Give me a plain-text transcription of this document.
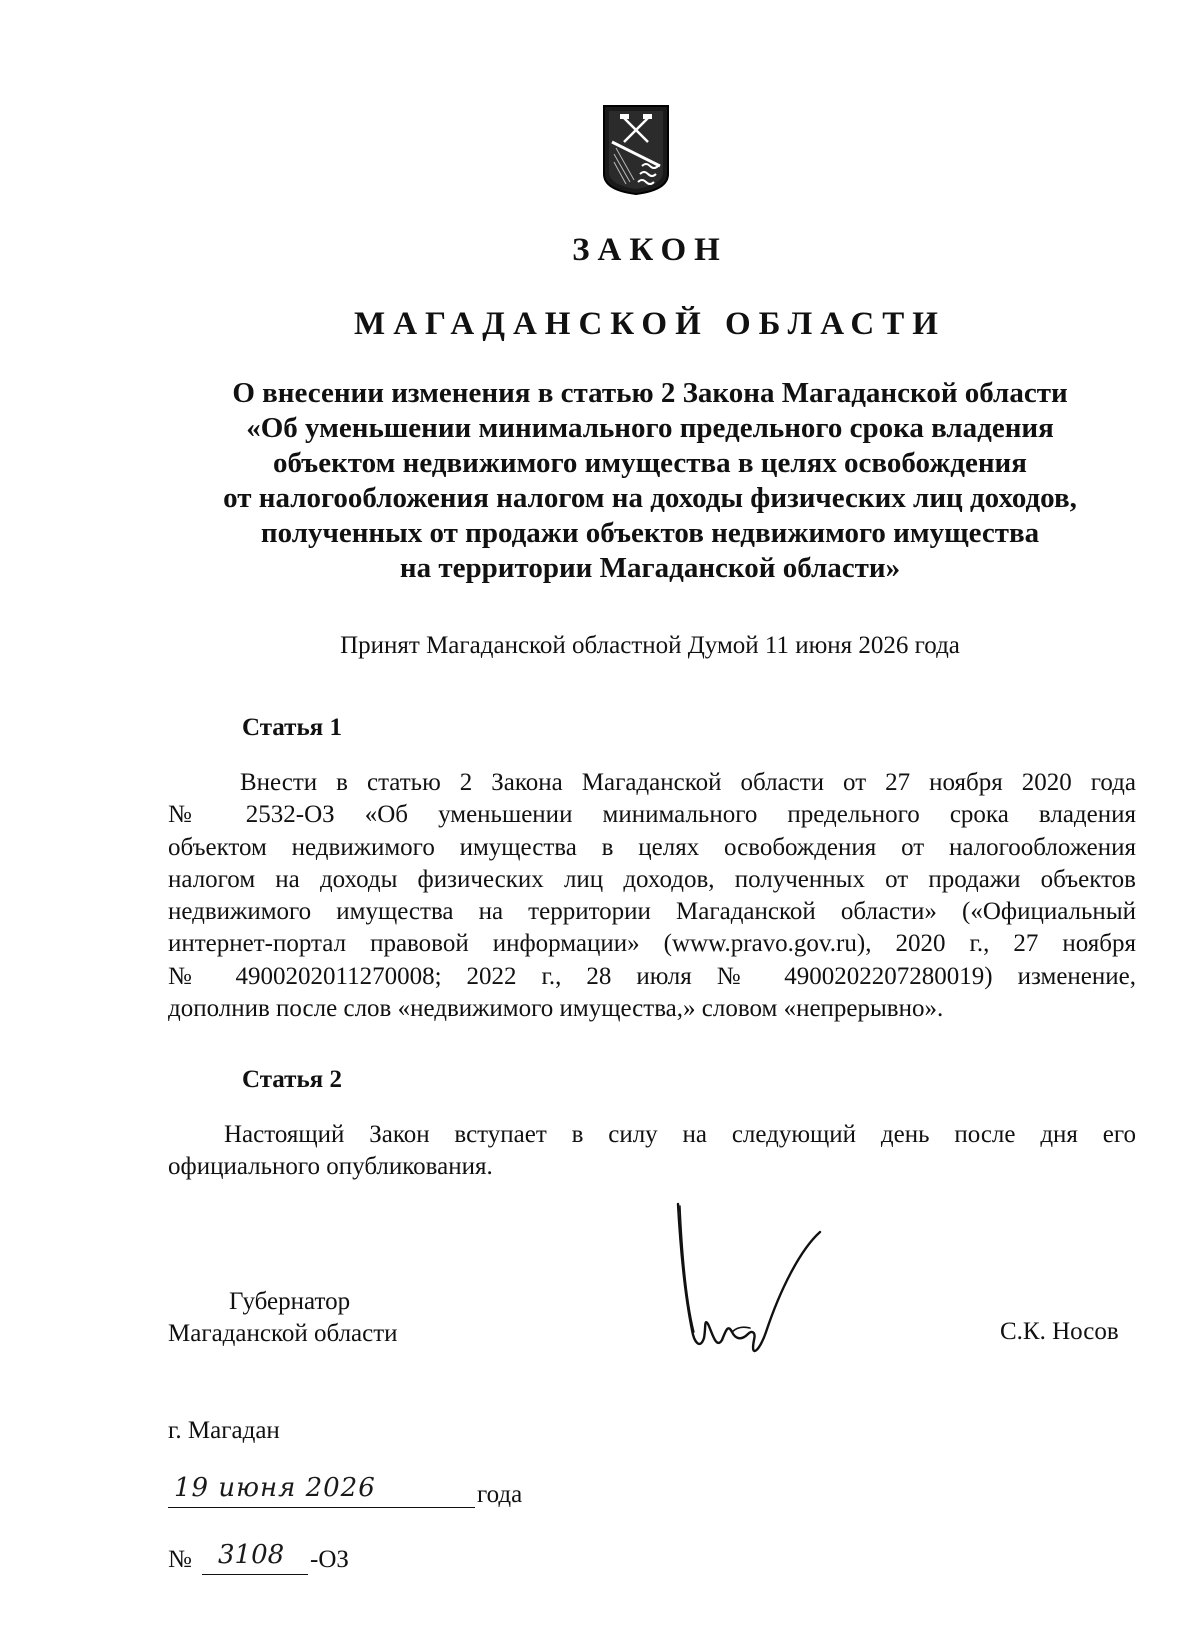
ЗАКОН
МАГАДАНСКОЙ ОБЛАСТИ

О внесении изменения в статью 2 Закона Магаданской области
«Об уменьшении минимального предельного срока владения
объектом недвижимого имущества в целях освобождения
от налогообложения налогом на доходы физических лиц доходов,
полученных от продажи объектов недвижимого имущества
на территории Магаданской области»

Принят Магаданской областной Думой 11 июня 2026 года

Статья 1

Внести в статью 2 Закона Магаданской области от 27 ноября 2020 года
№ 2532-ОЗ «Об уменьшении минимального предельного срока владения
объектом недвижимого имущества в целях освобождения от налогообложения
налогом на доходы физических лиц доходов, полученных от продажи объектов
недвижимого имущества на территории Магаданской области» («Официальный
интернет-портал правовой информации» (www.pravo.gov.ru), 2020 г., 27 ноября
№ 4900202011270008; 2022 г., 28 июля № 4900202207280019) изменение,
дополнив после слов «недвижимого имущества,» словом «непрерывно».

Статья 2

Настоящий Закон вступает в силу на следующий день после дня его
официального опубликования.

Губернатор
Магаданской области	С.К. Носов

г. Магадан

19 июня 2026	года
№ 3108 -ОЗ
